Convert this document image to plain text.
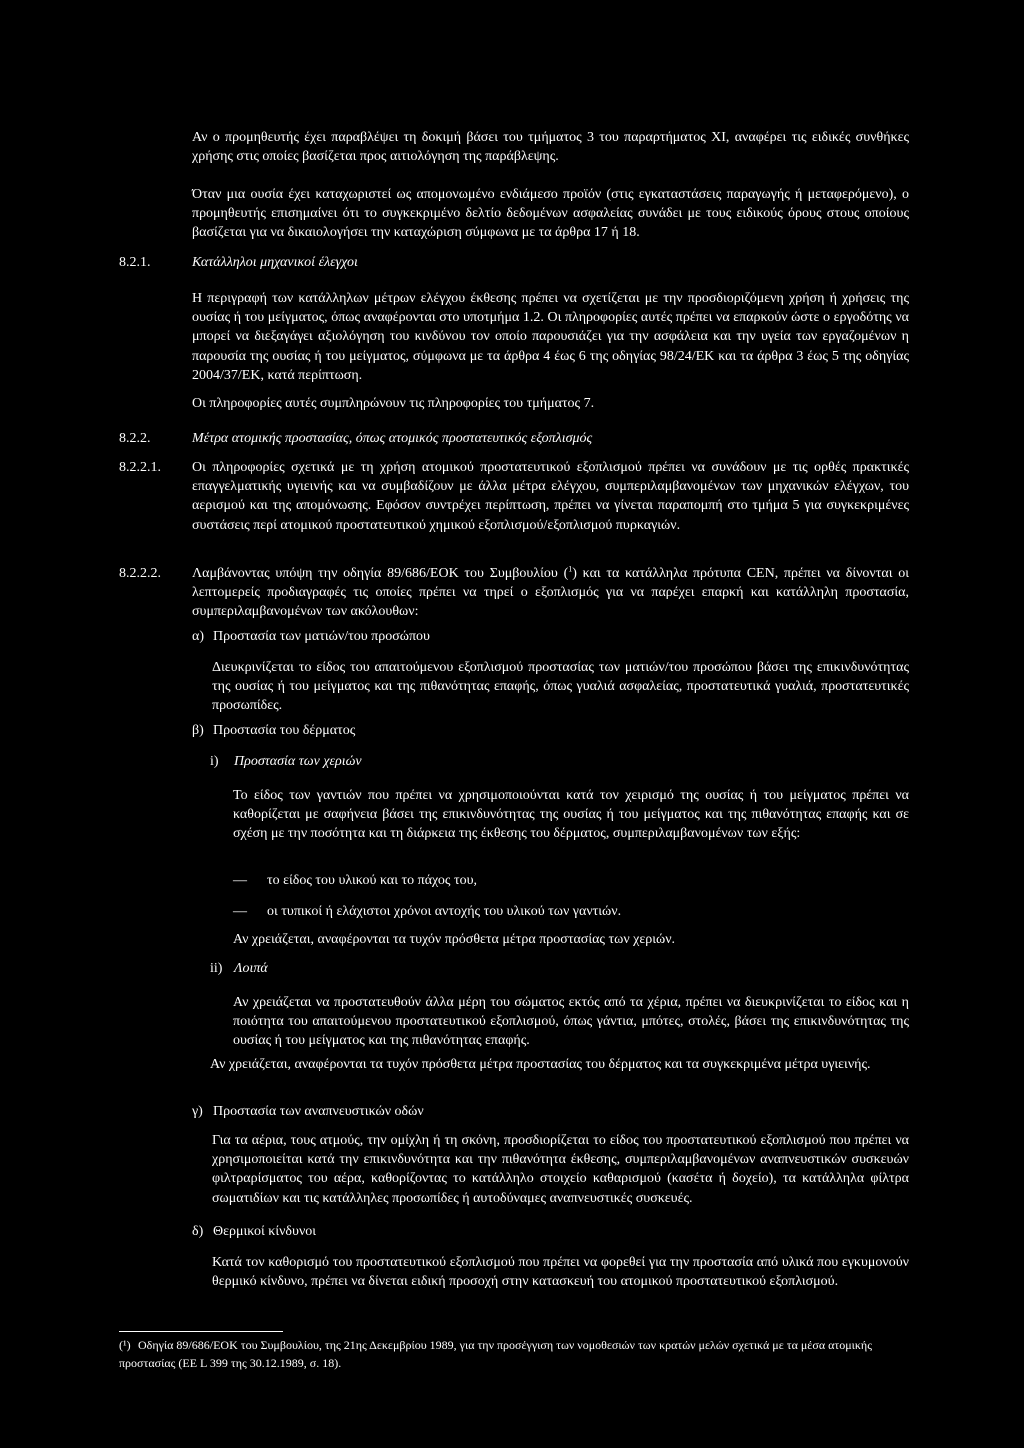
Αν ο προμηθευτής έχει παραβλέψει τη δοκιμή βάσει του τμήματος 3 του παραρτήματος XI, αναφέρει τις ειδικές συνθήκες χρήσης στις οποίες βασίζεται προς αιτιολόγηση της παράβλεψης.

Όταν μια ουσία έχει καταχωριστεί ως απομονωμένο ενδιάμεσο προϊόν (στις εγκαταστάσεις παραγωγής ή μεταφερόμενο), ο προμηθευτής επισημαίνει ότι το συγκεκριμένο δελτίο δεδομένων ασφαλείας συνάδει με τους ειδικούς όρους στους οποίους βασίζεται για να δικαιολογήσει την καταχώριση σύμφωνα με τα άρθρα 17 ή 18.

8.2.1.	Κατάλληλοι μηχανικοί έλεγχοι

Η περιγραφή των κατάλληλων μέτρων ελέγχου έκθεσης πρέπει να σχετίζεται με την προσδιοριζόμενη χρήση ή χρήσεις της ουσίας ή του μείγματος, όπως αναφέρονται στο υποτμήμα 1.2. Οι πληροφορίες αυτές πρέπει να επαρκούν ώστε ο εργοδότης να μπορεί να διεξαγάγει αξιολόγηση του κινδύνου τον οποίο παρουσιάζει για την ασφάλεια και την υγεία των εργαζομένων η παρουσία της ουσίας ή του μείγματος, σύμφωνα με τα άρθρα 4 έως 6 της οδηγίας 98/24/ΕΚ και τα άρθρα 3 έως 5 της οδηγίας 2004/37/ΕΚ, κατά περίπτωση.

Οι πληροφορίες αυτές συμπληρώνουν τις πληροφορίες του τμήματος 7.

8.2.2.	Μέτρα ατομικής προστασίας, όπως ατομικός προστατευτικός εξοπλισμός
8.2.2.1. Οι πληροφορίες σχετικά με τη χρήση ατομικού προστατευτικού εξοπλισμού πρέπει να συνάδουν με τις ορθές πρακτικές επαγγελματικής υγιεινής και να συμβαδίζουν με άλλα μέτρα ελέγχου, συμπεριλαμβανομένων των μηχανικών ελέγχων, του αερισμού και της απομόνωσης. Εφόσον συντρέχει περίπτωση, πρέπει να γίνεται παραπομπή στο τμήμα 5 για συγκεκριμένες συστάσεις περί ατομικού προστατευτικού χημικού εξοπλισμού/εξοπλισμού πυρκαγιών.

8.2.2.2. Λαμβάνοντας υπόψη την οδηγία 89/686/ΕΟΚ του Συμβουλίου ($^1$) και τα κατάλληλα πρότυπα CEN, πρέπει να δίνονται οι λεπτομερείς προδιαγραφές τις οποίες πρέπει να τηρεί ο εξοπλισμός για να παρέχει επαρκή και κατάλληλη προστασία, συμπεριλαμβανομένων των ακόλουθων:

α) Προστασία των ματιών/του προσώπου

Διευκρινίζεται το είδος του απαιτούμενου εξοπλισμού προστασίας των ματιών/του προσώπου βάσει της επικινδυνότητας της ουσίας ή του μείγματος και της πιθανότητας επαφής, όπως γυαλιά ασφαλείας, προστατευτικά γυαλιά, προστατευτικές προσωπίδες.

β) Προστασία του δέρματος
i) Προστασία των χεριών

Το είδος των γαντιών που πρέπει να χρησιμοποιούνται κατά τον χειρισμό της ουσίας ή του μείγματος πρέπει να καθορίζεται με σαφήνεια βάσει της επικινδυνότητας της ουσίας ή του μείγματος και της πιθανότητας επαφής και σε σχέση με την ποσότητα και τη διάρκεια της έκθεσης του δέρματος, συμπεριλαμβανομένων των εξής:

— το είδος του υλικού και το πάχος του,
— οι τυπικοί ή ελάχιστοι χρόνοι αντοχής του υλικού των γαντιών.

Αν χρειάζεται, αναφέρονται τα τυχόν πρόσθετα μέτρα προστασίας των χεριών.

ii) Λοιπά

Αν χρειάζεται να προστατευθούν άλλα μέρη του σώματος εκτός από τα χέρια, πρέπει να διευκρινίζεται το είδος και η ποιότητα του απαιτούμενου προστατευτικού εξοπλισμού, όπως γάντια, μπότες, στολές, βάσει της επικινδυνότητας της ουσίας ή του μείγματος και της πιθανότητας επαφής.

Αν χρειάζεται, αναφέρονται τα τυχόν πρόσθετα μέτρα προστασίας του δέρματος και τα συγκεκριμένα μέτρα υγιεινής.

γ) Προστασία των αναπνευστικών οδών

Για τα αέρια, τους ατμούς, την ομίχλη ή τη σκόνη, προσδιορίζεται το είδος του προστατευτικού εξοπλισμού που πρέπει να χρησιμοποιείται κατά την επικινδυνότητα και την πιθανότητα έκθεσης, συμπεριλαμβανομένων αναπνευστικών συσκευών φιλτραρίσματος του αέρα, καθορίζοντας το κατάλληλο στοιχείο καθαρισμού (κασέτα ή δοχείο), τα κατάλληλα φίλτρα σωματιδίων και τις κατάλληλες προσωπίδες ή αυτοδύναμες αναπνευστικές συσκευές.

δ) Θερμικοί κίνδυνοι

Κατά τον καθορισμό του προστατευτικού εξοπλισμού που πρέπει να φορεθεί για την προστασία από υλικά που εγκυμονούν θερμικό κίνδυνο, πρέπει να δίνεται ειδική προσοχή στην κατασκευή του ατομικού προστατευτικού εξοπλισμού.

(¹) Οδηγία 89/686/ΕΟΚ του Συμβουλίου, της 21ης Δεκεμβρίου 1989, για την προσέγγιση των νομοθεσιών των κρατών μελών σχετικά με τα μέσα ατομικής προστασίας (ΕΕ L 399 της 30.12.1989, σ. 18).
